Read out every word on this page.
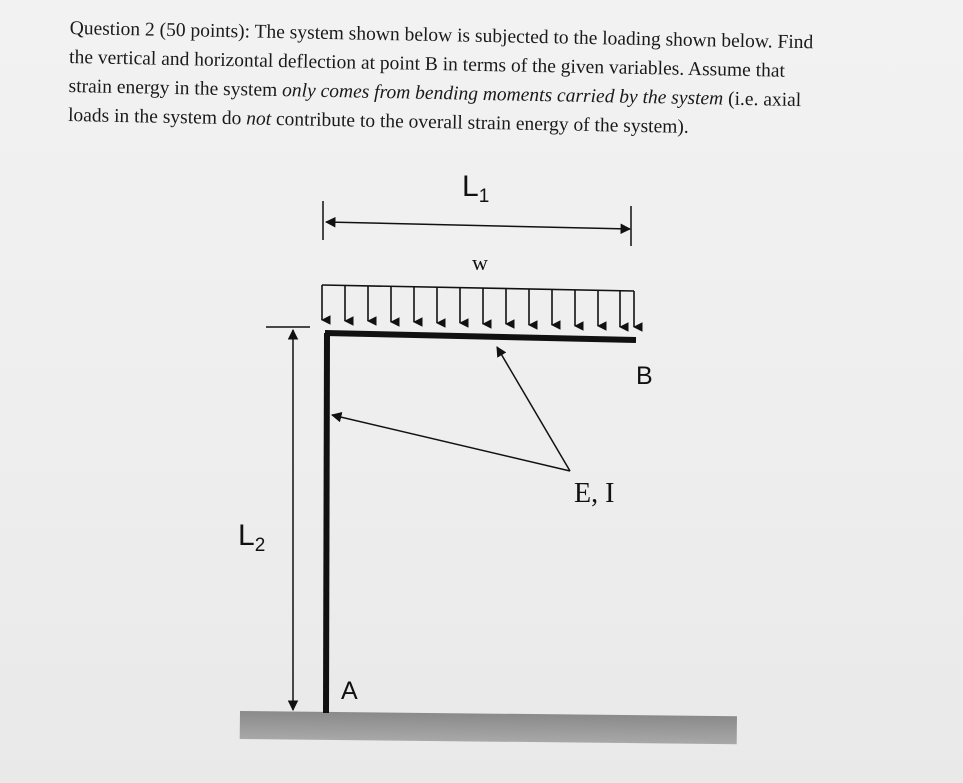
Question 2 (50 points): The system shown below is subjected to the loading shown below. Find
the vertical and horizontal deflection at point B in terms of the given variables. Assume that
strain energy in the system only comes from bending moments carried by the system (i.e. axial
loads in the system do not contribute to the overall strain energy of the system).
$L_1$
w
$L_2$
B
E, I
A
